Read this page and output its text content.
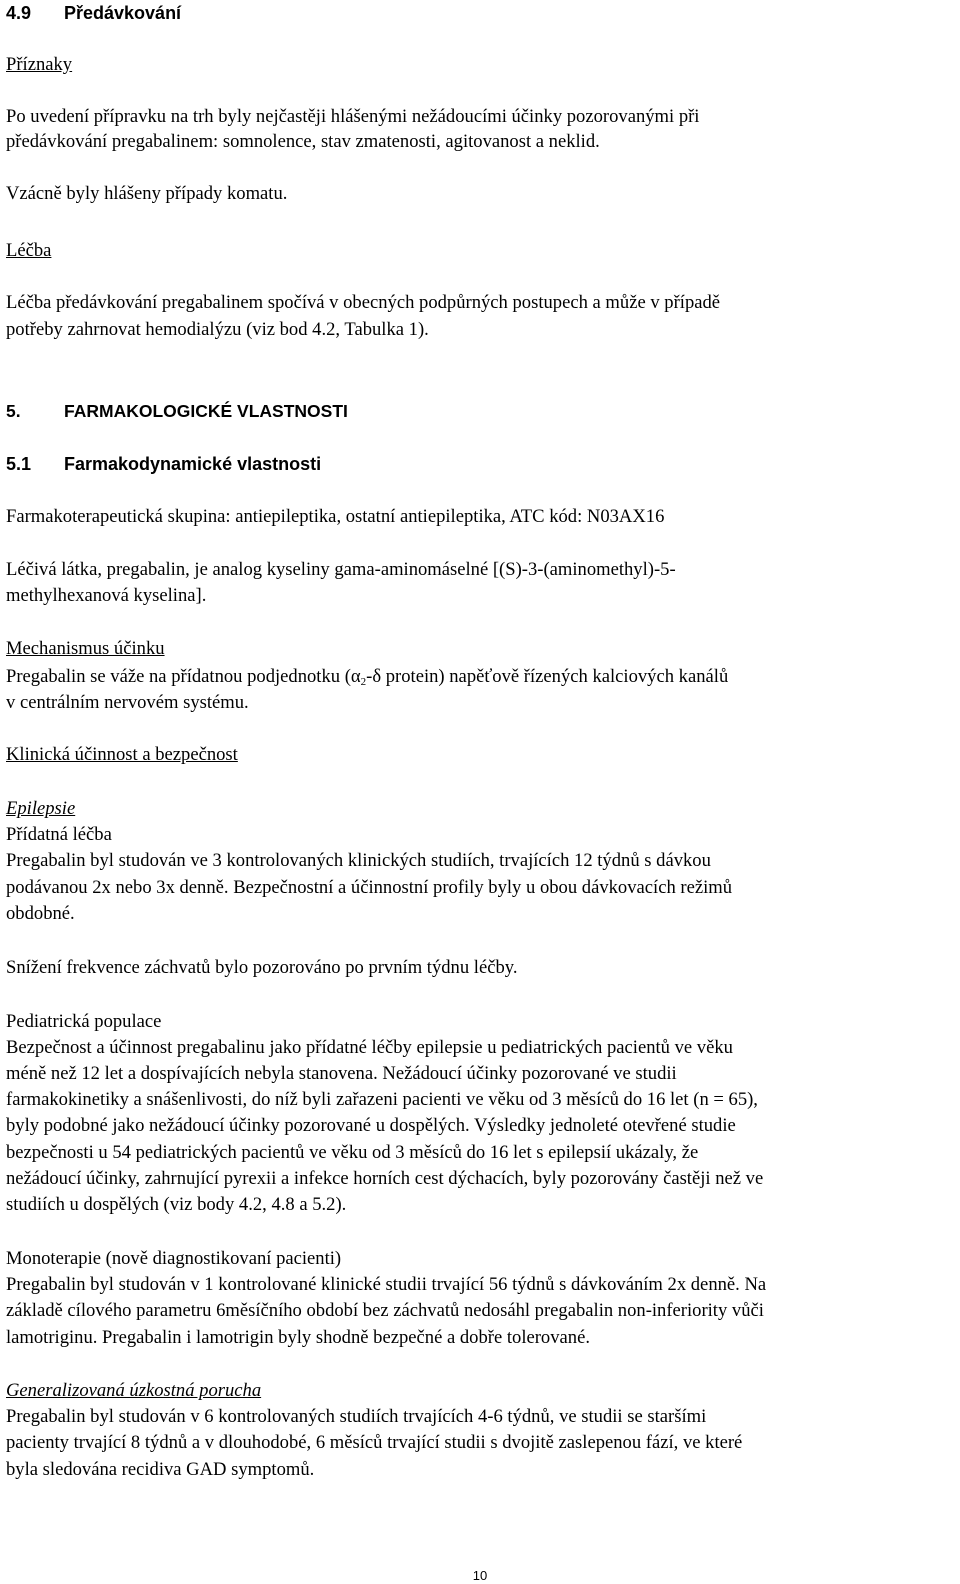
4.9 Předávkování
Příznaky
Po uvedení přípravku na trh byly nejčastěji hlášenými nežádoucími účinky pozorovanými při
předávkování pregabalinem: somnolence, stav zmatenosti, agitovanost a neklid.
Vzácně byly hlášeny případy komatu.
Léčba
Léčba předávkování pregabalinem spočívá v obecných podpůrných postupech a může v případě
potřeby zahrnovat hemodialýzu (viz bod 4.2, Tabulka 1).
5. FARMAKOLOGICKÉ VLASTNOSTI
5.1 Farmakodynamické vlastnosti
Farmakoterapeutická skupina: antiepileptika, ostatní antiepileptika, ATC kód: N03AX16
Léčivá látka, pregabalin, je analog kyseliny gama-aminomáselné [(S)-3-(aminomethyl)-5-
methylhexanová kyselina].
Mechanismus účinku
Pregabalin se váže na přídatnou podjednotku ($\alpha_2-\delta$ protein) napěťově řízených kalciových kanálů
v centrálním nervovém systému.
Klinická účinnost a bezpečnost
Epilepsie
Přídatná léčba
Pregabalin byl studován ve 3 kontrolovaných klinických studiích, trvajících 12 týdnů s dávkou
podávanou 2x nebo 3x denně. Bezpečnostní a účinnostní profily byly u obou dávkovacích režimů
obdobné.
Snížení frekvence záchvatů bylo pozorováno po prvním týdnu léčby.
Pediatrická populace
Bezpečnost a účinnost pregabalinu jako přídatné léčby epilepsie u pediatrických pacientů ve věku
méně než 12 let a dospívajících nebyla stanovena. Nežádoucí účinky pozorované ve studii
farmakokinetiky a snášenlivosti, do níž byli zařazeni pacienti ve věku od 3 měsíců do 16 let (n = 65),
byly podobné jako nežádoucí účinky pozorované u dospělých. Výsledky jednoleté otevřené studie
bezpečnosti u 54 pediatrických pacientů ve věku od 3 měsíců do 16 let s epilepsií ukázaly, že
nežádoucí účinky, zahrnující pyrexii a infekce horních cest dýchacích, byly pozorovány častěji než ve
studiích u dospělých (viz body 4.2, 4.8 a 5.2).
Monoterapie (nově diagnostikovaní pacienti)
Pregabalin byl studován v 1 kontrolované klinické studii trvající 56 týdnů s dávkováním 2x denně. Na
základě cílového parametru 6měsíčního období bez záchvatů nedosáhl pregabalin non-inferiority vůči
lamotriginu. Pregabalin i lamotrigin byly shodně bezpečné a dobře tolerované.
Generalizovaná úzkostná porucha
Pregabalin byl studován v 6 kontrolovaných studiích trvajících 4-6 týdnů, ve studii se staršími
pacienty trvající 8 týdnů a v dlouhodobé, 6 měsíců trvající studii s dvojitě zaslepenou fází, ve které
byla sledována recidiva GAD symptomů.
10
